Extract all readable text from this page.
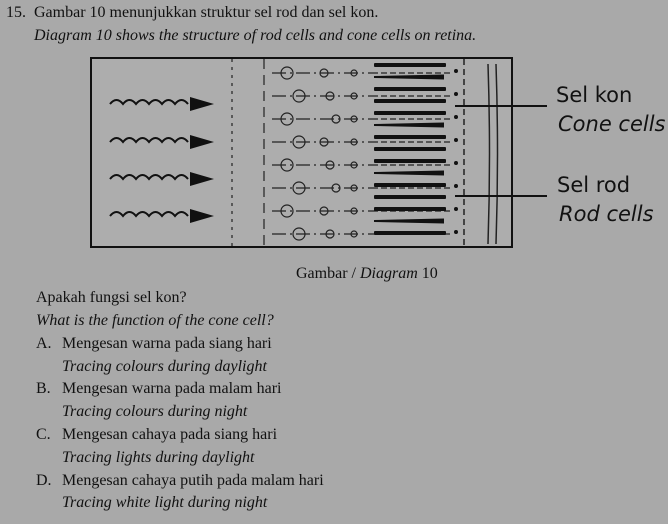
15. Gambar 10 menunjukkan struktur sel rod dan sel kon.
Diagram 10 shows the structure of rod cells and cone cells on retina.
Sel kon
Cone cells
Sel rod
Rod cells
Gambar / Diagram 10
Apakah fungsi sel kon?
What is the function of the cone cell?
A. Mengesan warna pada siang hari
Tracing colours during daylight
B. Mengesan warna pada malam hari
Tracing colours during night
C. Mengesan cahaya pada siang hari
Tracing lights during daylight
D. Mengesan cahaya putih pada malam hari
Tracing white light during night
